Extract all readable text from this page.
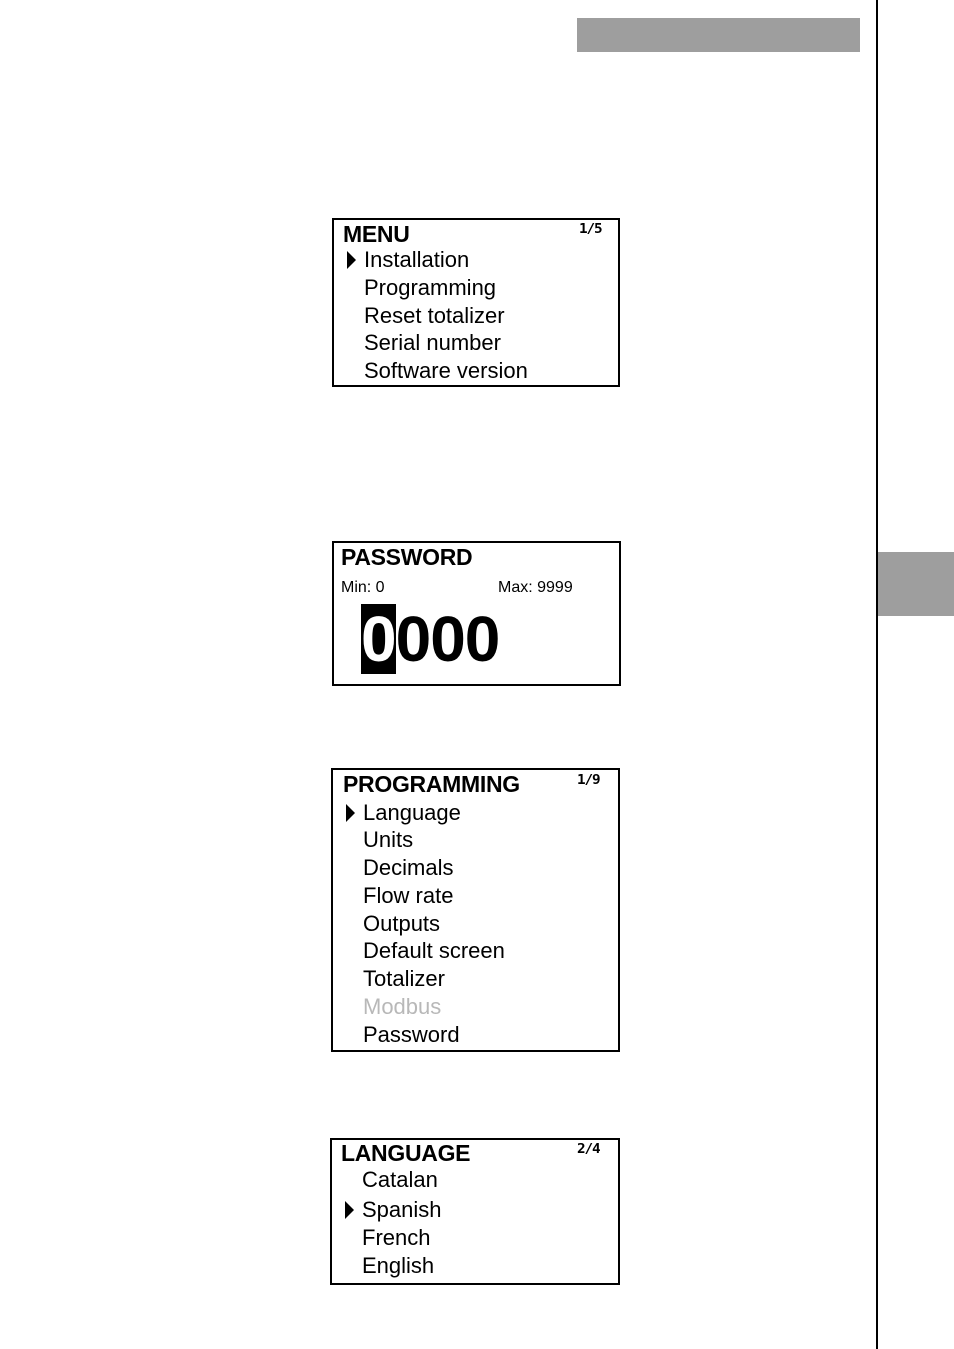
MENU	1/5
Installation
Programming
Reset totalizer
Serial number
Software version
PASSWORD
Min: 0	Max: 9999
0 0 0 0
PROGRAMMING	1/9
Language
Units
Decimals
Flow rate
Outputs
Default screen
Totalizer
Modbus
Password
LANGUAGE	2/4
Catalan
Spanish
French
English
